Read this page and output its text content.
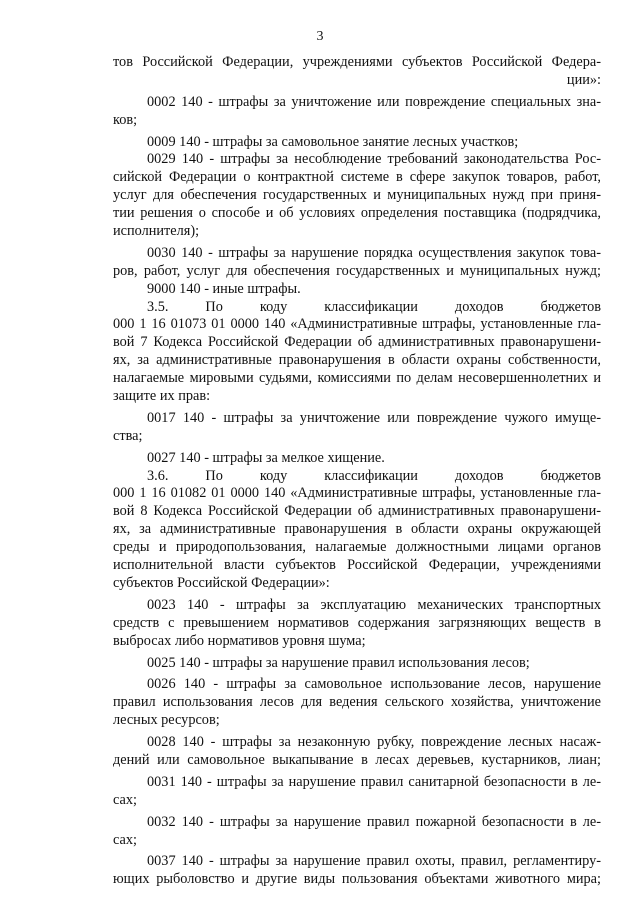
3
тов Российской Федерации, учреждениями субъектов Российской Федера-
ции»:
0002 140 - штрафы за уничтожение или повреждение специальных зна-
ков;
0009 140 - штрафы за самовольное занятие лесных участков;
0029 140 - штрафы за несоблюдение требований законодательства Рос-
сийской Федерации о контрактной системе в сфере закупок товаров, работ,
услуг для обеспечения государственных и муниципальных нужд при приня-
тии решения о способе и об условиях определения поставщика (подрядчика,
исполнителя);
0030 140 - штрафы за нарушение порядка осуществления закупок това-
ров, работ, услуг для обеспечения государственных и муниципальных нужд;
9000 140 - иные штрафы.
3.5. По коду классификации доходов бюджетов
000 1 16 01073 01 0000 140 «Административные штрафы, установленные гла-
вой 7 Кодекса Российской Федерации об административных правонарушени-
ях, за административные правонарушения в области охраны собственности,
налагаемые мировыми судьями, комиссиями по делам несовершеннолетних и
защите их прав:
0017 140 - штрафы за уничтожение или повреждение чужого имуще-
ства;
0027 140 - штрафы за мелкое хищение.
3.6. По коду классификации доходов бюджетов
000 1 16 01082 01 0000 140 «Административные штрафы, установленные гла-
вой 8 Кодекса Российской Федерации об административных правонарушени-
ях, за административные правонарушения в области охраны окружающей
среды и природопользования, налагаемые должностными лицами органов
исполнительной власти субъектов Российской Федерации, учреждениями
субъектов Российской Федерации»:
0023 140 - штрафы за эксплуатацию механических транспортных
средств с превышением нормативов содержания загрязняющих веществ в
выбросах либо нормативов уровня шума;
0025 140 - штрафы за нарушение правил использования лесов;
0026 140 - штрафы за самовольное использование лесов, нарушение
правил использования лесов для ведения сельского хозяйства, уничтожение
лесных ресурсов;
0028 140 - штрафы за незаконную рубку, повреждение лесных насаж-
дений или самовольное выкапывание в лесах деревьев, кустарников, лиан;
0031 140 - штрафы за нарушение правил санитарной безопасности в ле-
сах;
0032 140 - штрафы за нарушение правил пожарной безопасности в ле-
сах;
0037 140 - штрафы за нарушение правил охоты, правил, регламентиру-
ющих рыболовство и другие виды пользования объектами животного мира;
